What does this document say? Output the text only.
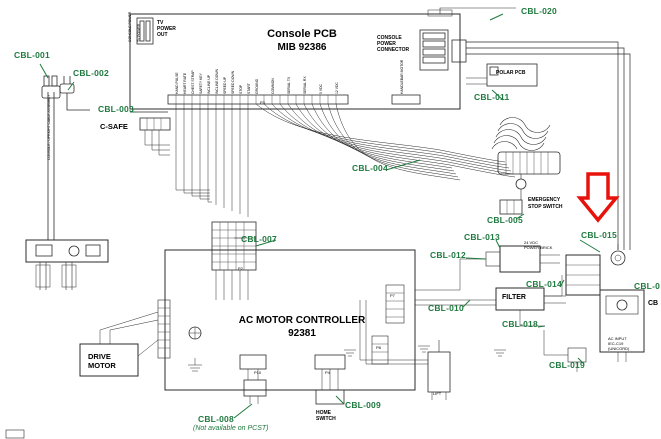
Console PCB
MIB 92386
AC MOTOR CONTROLLER
92381
TV
POWER
OUT	CONSOLE
POWER
CONNECTOR
POLAR PCB
C-SAFE
EMERGENCY
STOP SWITCH
24 VDC
POWER BRICK
FILTER
AC INPUT
IEC-C19
(UNICORD)
DRIVE
MOTOR
HOME
SWITCH
LIFT
CB
P3
P2
P7
P8
P10	P4
HAND PULSE HEART RATE CHEST STRAP SAFETY KEY INCLINE UP INCLINE DOWN SPEED UP SPEED DOWN STOP START GROUND	COMMON	SERIAL TX	SERIAL RX	5 VDC	12 VDC	HANDLEBAR MOTOR
CONSOLE POWER TV POWER
CONSOLE / UPRIGHT CABLE ASSEMBLY
CBL-020
CBL-001
CBL-002
CBL-003
CBL-011
CBL-004
CBL-005
CBL-015
CBL-013
CBL-012
CBL-007
CBL-014
CBL-010
CBL-018
CBL-0
CBL-019
CBL-008
CBL-009
(Not available on PCST)
